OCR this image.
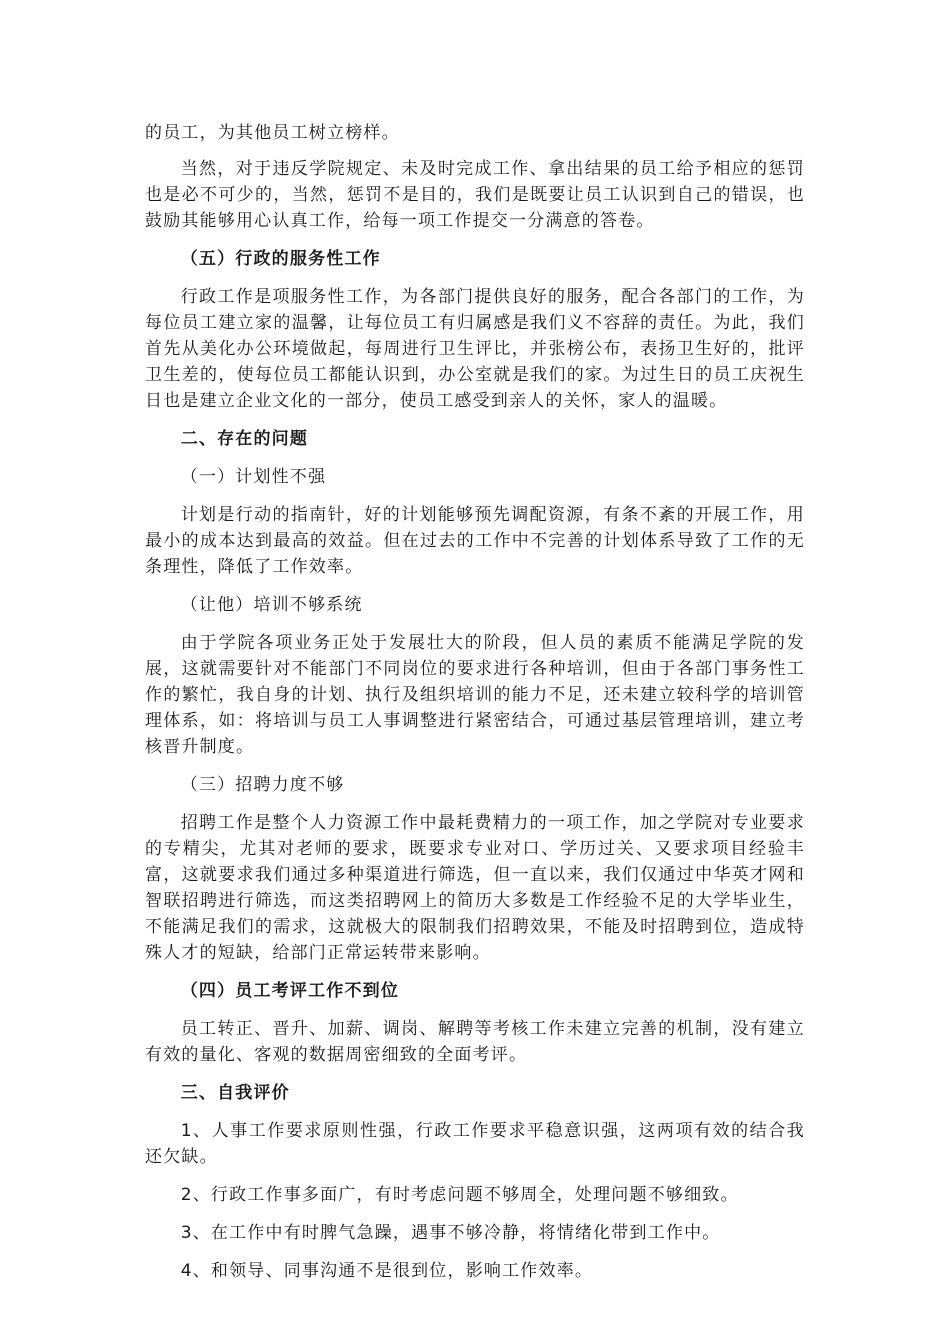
的员工，为其他员工树立榜样。

当然，对于违反学院规定、未及时完成工作、拿出结果的员工给予相应的惩罚也是必不可少的，当然，惩罚不是目的，我们是既要让员工认识到自己的错误，也鼓励其能够用心认真工作，给每一项工作提交一分满意的答卷。

（五）行政的服务性工作

行政工作是项服务性工作，为各部门提供良好的服务，配合各部门的工作，为每位员工建立家的温馨，让每位员工有归属感是我们义不容辞的责任。为此，我们首先从美化办公环境做起，每周进行卫生评比，并张榜公布，表扬卫生好的，批评卫生差的，使每位员工都能认识到，办公室就是我们的家。为过生日的员工庆祝生日也是建立企业文化的一部分，使员工感受到亲人的关怀，家人的温暖。

二、存在的问题

（一）计划性不强

计划是行动的指南针，好的计划能够预先调配资源，有条不紊的开展工作，用最小的成本达到最高的效益。但在过去的工作中不完善的计划体系导致了工作的无条理性，降低了工作效率。

（让他）培训不够系统

由于学院各项业务正处于发展壮大的阶段，但人员的素质不能满足学院的发展，这就需要针对不能部门不同岗位的要求进行各种培训，但由于各部门事务性工作的繁忙，我自身的计划、执行及组织培训的能力不足，还未建立较科学的培训管理体系，如：将培训与员工人事调整进行紧密结合，可通过基层管理培训，建立考核晋升制度。

（三）招聘力度不够

招聘工作是整个人力资源工作中最耗费精力的一项工作，加之学院对专业要求的专精尖，尤其对老师的要求，既要求专业对口、学历过关、又要求项目经验丰富，这就要求我们通过多种渠道进行筛选，但一直以来，我们仅通过中华英才网和智联招聘进行筛选，而这类招聘网上的简历大多数是工作经验不足的大学毕业生，不能满足我们的需求，这就极大的限制我们招聘效果，不能及时招聘到位，造成特殊人才的短缺，给部门正常运转带来影响。

（四）员工考评工作不到位

员工转正、晋升、加薪、调岗、解聘等考核工作未建立完善的机制，没有建立有效的量化、客观的数据周密细致的全面考评。

三、自我评价

1、人事工作要求原则性强，行政工作要求平稳意识强，这两项有效的结合我还欠缺。

2、行政工作事多面广，有时考虑问题不够周全，处理问题不够细致。

3、在工作中有时脾气急躁，遇事不够冷静，将情绪化带到工作中。

4、和领导、同事沟通不是很到位，影响工作效率。
